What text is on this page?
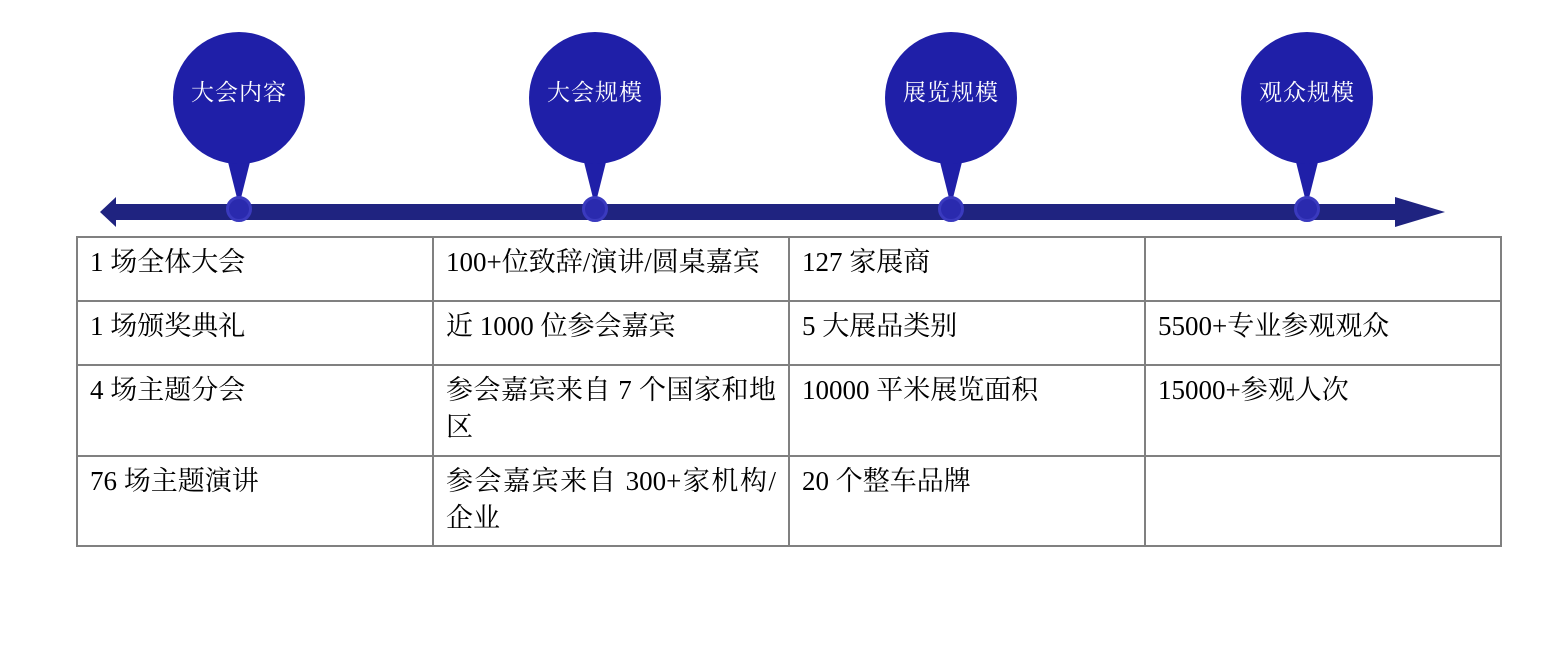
大会内容	大会规模	展览规模	观众规模
1 场全体大会	100+位致辞/演讲/圆桌嘉宾	127 家展商	
1 场颁奖典礼	近 1000 位参会嘉宾	5 大展品类别	5500+专业参观观众
4 场主题分会	参会嘉宾来自 7 个国家和地区	10000 平米展览面积	15000+参观人次
76 场主题演讲	参会嘉宾来自 300+家机构/企业	20 个整车品牌	
